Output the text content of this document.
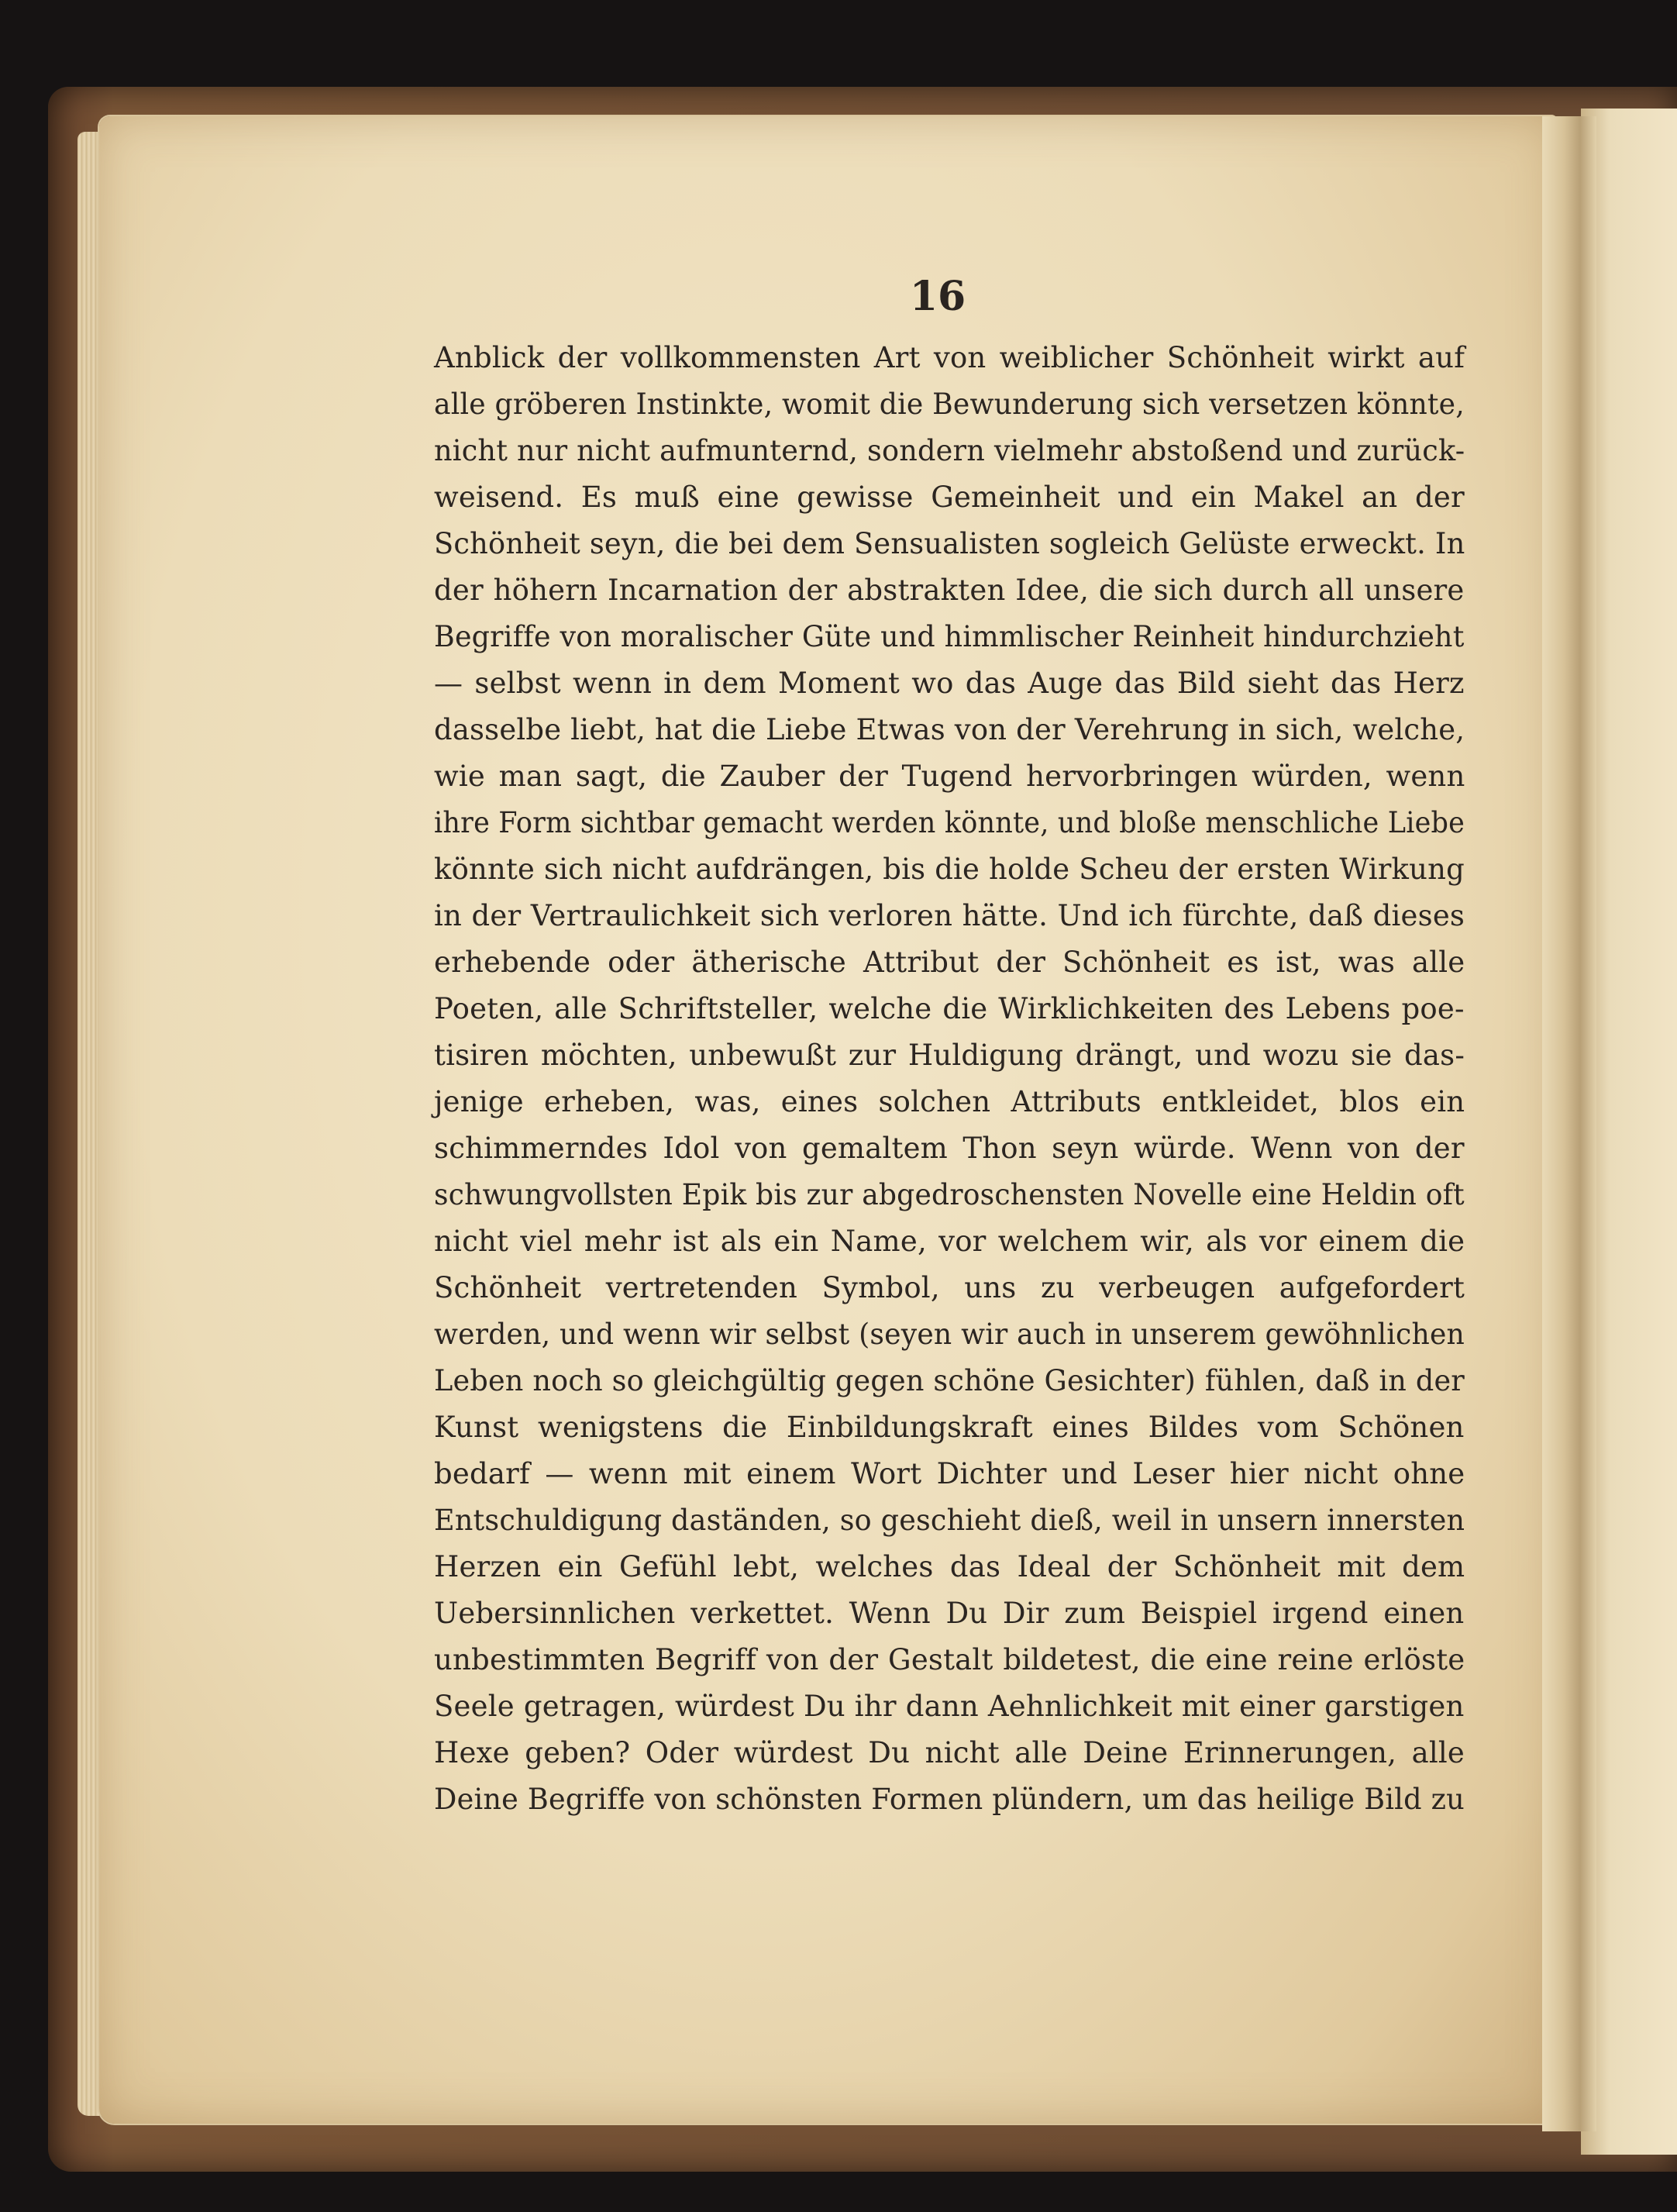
16
Anblick der vollkommensten Art von weiblicher Schönheit wirkt auf
alle gröberen Instinkte, womit die Bewunderung sich versetzen könnte,
nicht nur nicht aufmunternd, sondern vielmehr abstoßend und zurück-
weisend. Es muß eine gewisse Gemeinheit und ein Makel an der
Schönheit seyn, die bei dem Sensualisten sogleich Gelüste erweckt. In
der höhern Incarnation der abstrakten Idee, die sich durch all unsere
Begriffe von moralischer Güte und himmlischer Reinheit hindurchzieht
— selbst wenn in dem Moment wo das Auge das Bild sieht das Herz
dasselbe liebt, hat die Liebe Etwas von der Verehrung in sich, welche,
wie man sagt, die Zauber der Tugend hervorbringen würden, wenn
ihre Form sichtbar gemacht werden könnte, und bloße menschliche Liebe
könnte sich nicht aufdrängen, bis die holde Scheu der ersten Wirkung
in der Vertraulichkeit sich verloren hätte. Und ich fürchte, daß dieses
erhebende oder ätherische Attribut der Schönheit es ist, was alle
Poeten, alle Schriftsteller, welche die Wirklichkeiten des Lebens poe-
tisiren möchten, unbewußt zur Huldigung drängt, und wozu sie das-
jenige erheben, was, eines solchen Attributs entkleidet, blos ein
schimmerndes Idol von gemaltem Thon seyn würde. Wenn von der
schwungvollsten Epik bis zur abgedroschensten Novelle eine Heldin oft
nicht viel mehr ist als ein Name, vor welchem wir, als vor einem die
Schönheit vertretenden Symbol, uns zu verbeugen aufgefordert
werden, und wenn wir selbst (seyen wir auch in unserem gewöhnlichen
Leben noch so gleichgültig gegen schöne Gesichter) fühlen, daß in der
Kunst wenigstens die Einbildungskraft eines Bildes vom Schönen
bedarf — wenn mit einem Wort Dichter und Leser hier nicht ohne
Entschuldigung daständen, so geschieht dieß, weil in unsern innersten
Herzen ein Gefühl lebt, welches das Ideal der Schönheit mit dem
Uebersinnlichen verkettet. Wenn Du Dir zum Beispiel irgend einen
unbestimmten Begriff von der Gestalt bildetest, die eine reine erlöste
Seele getragen, würdest Du ihr dann Aehnlichkeit mit einer garstigen
Hexe geben? Oder würdest Du nicht alle Deine Erinnerungen, alle
Deine Begriffe von schönsten Formen plündern, um das heilige Bild zu
